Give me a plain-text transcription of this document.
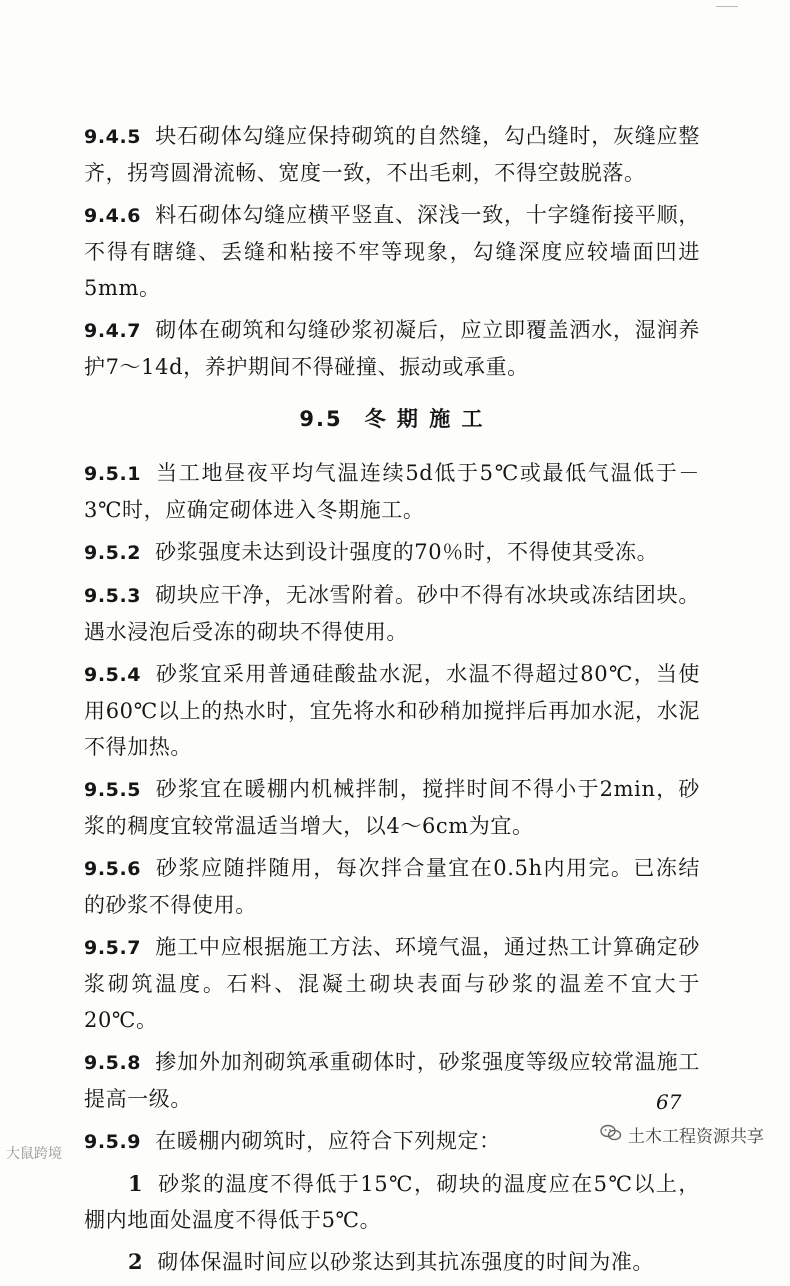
9.4.5 块石砌体勾缝应保持砌筑的自然缝，勾凸缝时，灰缝应整齐，拐弯圆滑流畅、宽度一致，不出毛刺，不得空鼓脱落。

9.4.6 料石砌体勾缝应横平竖直、深浅一致，十字缝衔接平顺，不得有瞎缝、丢缝和粘接不牢等现象，勾缝深度应较墙面凹进5mm。

9.4.7 砌体在砌筑和勾缝砂浆初凝后，应立即覆盖洒水，湿润养护7～14d，养护期间不得碰撞、振动或承重。

9.5 冬 期 施 工

9.5.1 当工地昼夜平均气温连续5d低于5℃或最低气温低于－3℃时，应确定砌体进入冬期施工。

9.5.2 砂浆强度未达到设计强度的70％时，不得使其受冻。

9.5.3 砌块应干净，无冰雪附着。砂中不得有冰块或冻结团块。遇水浸泡后受冻的砌块不得使用。

9.5.4 砂浆宜采用普通硅酸盐水泥，水温不得超过80℃，当使用60℃以上的热水时，宜先将水和砂稍加搅拌后再加水泥，水泥不得加热。

9.5.5 砂浆宜在暖棚内机械拌制，搅拌时间不得小于2min，砂浆的稠度宜较常温适当增大，以4～6cm为宜。

9.5.6 砂浆应随拌随用，每次拌合量宜在0.5h内用完。已冻结的砂浆不得使用。

9.5.7 施工中应根据施工方法、环境气温，通过热工计算确定砂浆砌筑温度。石料、混凝土砌块表面与砂浆的温差不宜大于20℃。

9.5.8 掺加外加剂砌筑承重砌体时，砂浆强度等级应较常温施工提高一级。

9.5.9 在暖棚内砌筑时，应符合下列规定：

1 砂浆的温度不得低于15℃，砌块的温度应在5℃以上，棚内地面处温度不得低于5℃。

2 砌体保温时间应以砂浆达到其抗冻强度的时间为准。

67
土木工程资源共享
大鼠跨境
